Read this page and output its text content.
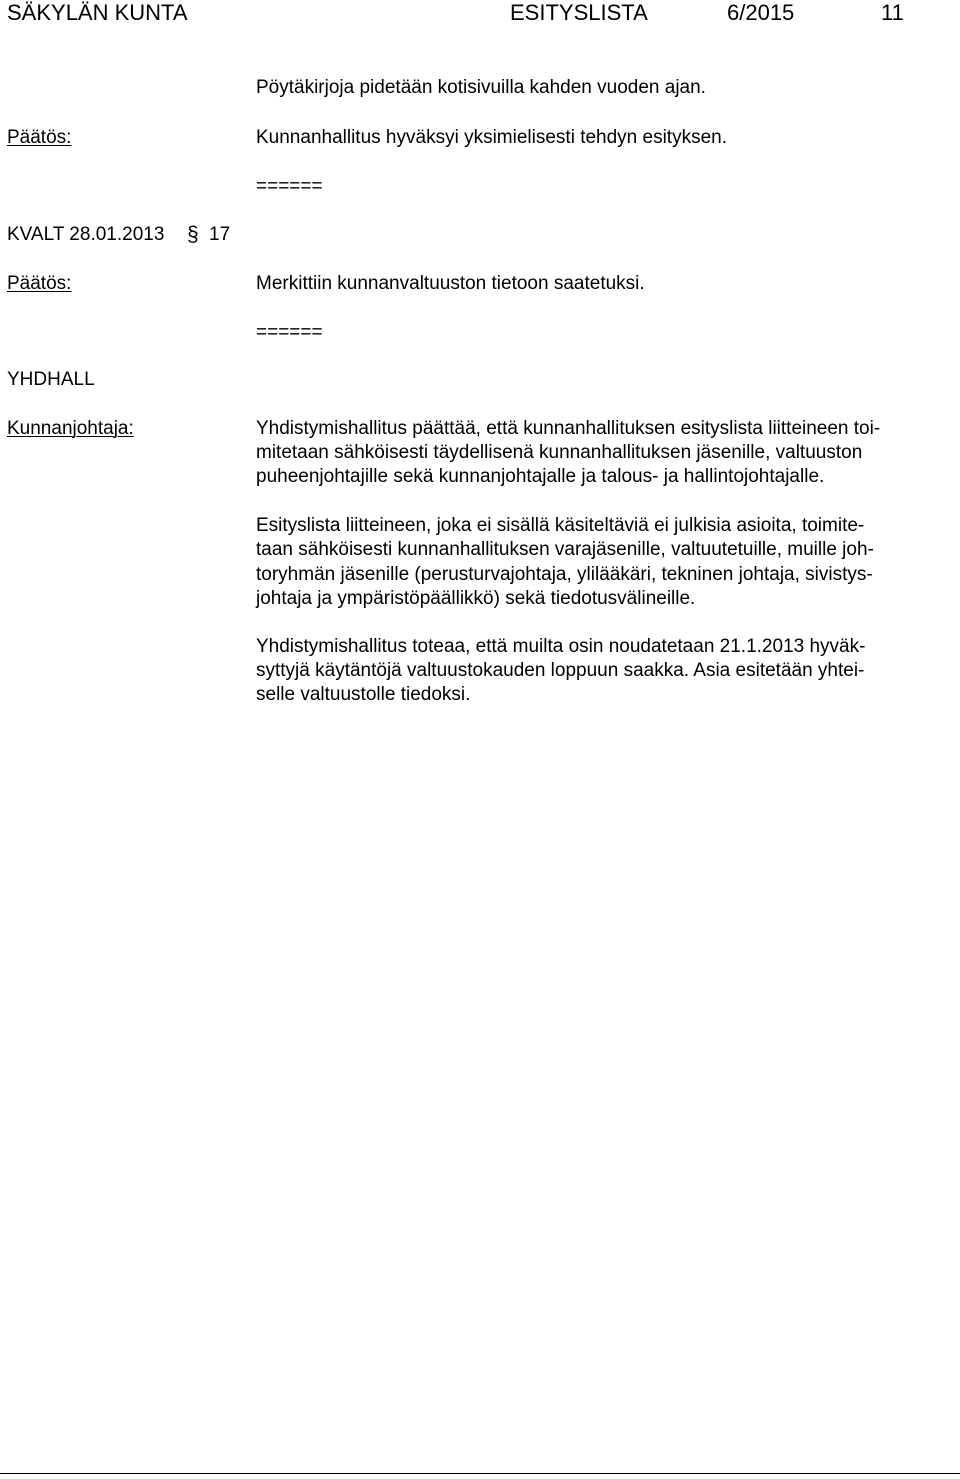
SÄKYLÄN KUNTA	ESITYSLISTA	6/2015	11
Pöytäkirjoja pidetään kotisivuilla kahden vuoden ajan.
Päätös:	Kunnanhallitus hyväksyi yksimielisesti tehdyn esityksen.
======
KVALT 28.01.2013 § 17
Päätös:	Merkittiin kunnanvaltuuston tietoon saatetuksi.
======
YHDHALL
Kunnanjohtaja:	Yhdistymishallitus päättää, että kunnanhallituksen esityslista liitteineen toi-
mitetaan sähköisesti täydellisenä kunnanhallituksen jäsenille, valtuuston
puheenjohtajille sekä kunnanjohtajalle ja talous- ja hallintojohtajalle.
Esityslista liitteineen, joka ei sisällä käsiteltäviä ei julkisia asioita, toimite-
taan sähköisesti kunnanhallituksen varajäsenille, valtuutetuille, muille joh-
toryhmän jäsenille (perusturvajohtaja, ylilääkäri, tekninen johtaja, sivistys-
johtaja ja ympäristöpäällikkö) sekä tiedotusvälineille.
Yhdistymishallitus toteaa, että muilta osin noudatetaan 21.1.2013 hyväk-
syttyjä käytäntöjä valtuustokauden loppuun saakka. Asia esitetään yhtei-
selle valtuustolle tiedoksi.
